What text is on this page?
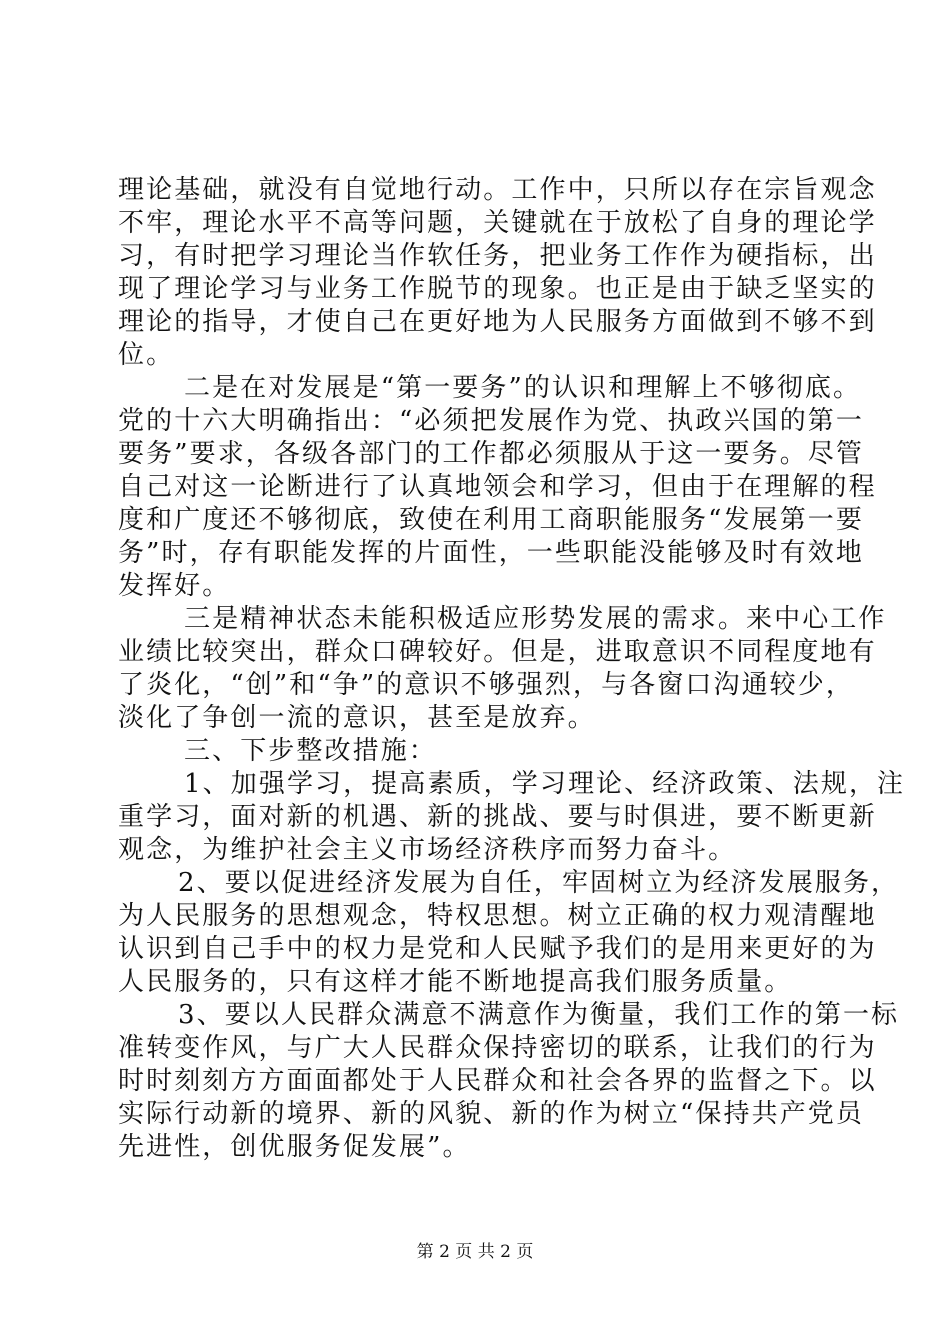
理论基础，就没有自觉地行动。工作中，只所以存在宗旨观念
不牢，理论水平不高等问题，关键就在于放松了自身的理论学
习，有时把学习理论当作软任务，把业务工作作为硬指标，出
现了理论学习与业务工作脱节的现象。也正是由于缺乏坚实的
理论的指导，才使自己在更好地为人民服务方面做到不够不到
位。
二是在对发展是“第一要务”的认识和理解上不够彻底。
党的十六大明确指出：“必须把发展作为党、执政兴国的第一
要务”要求，各级各部门的工作都必须服从于这一要务。尽管
自己对这一论断进行了认真地领会和学习，但由于在理解的程
度和广度还不够彻底，致使在利用工商职能服务“发展第一要
务”时，存有职能发挥的片面性，一些职能没能够及时有效地
发挥好。
三是精神状态未能积极适应形势发展的需求。来中心工作
业绩比较突出，群众口碑较好。但是，进取意识不同程度地有
了炎化，“创”和“争”的意识不够强烈，与各窗口沟通较少，
淡化了争创一流的意识，甚至是放弃。
三、下步整改措施：
1、加强学习，提高素质，学习理论、经济政策、法规，注
重学习，面对新的机遇、新的挑战、要与时俱进，要不断更新
观念，为维护社会主义市场经济秩序而努力奋斗。
2、要以促进经济发展为自任，牢固树立为经济发展服务，
为人民服务的思想观念，特权思想。树立正确的权力观清醒地
认识到自己手中的权力是党和人民赋予我们的是用来更好的为
人民服务的，只有这样才能不断地提高我们服务质量。
3、要以人民群众满意不满意作为衡量，我们工作的第一标
准转变作风，与广大人民群众保持密切的联系，让我们的行为
时时刻刻方方面面都处于人民群众和社会各界的监督之下。以
实际行动新的境界、新的风貌、新的作为树立“保持共产党员
先进性，创优服务促发展”。
第 2 页 共 2 页
